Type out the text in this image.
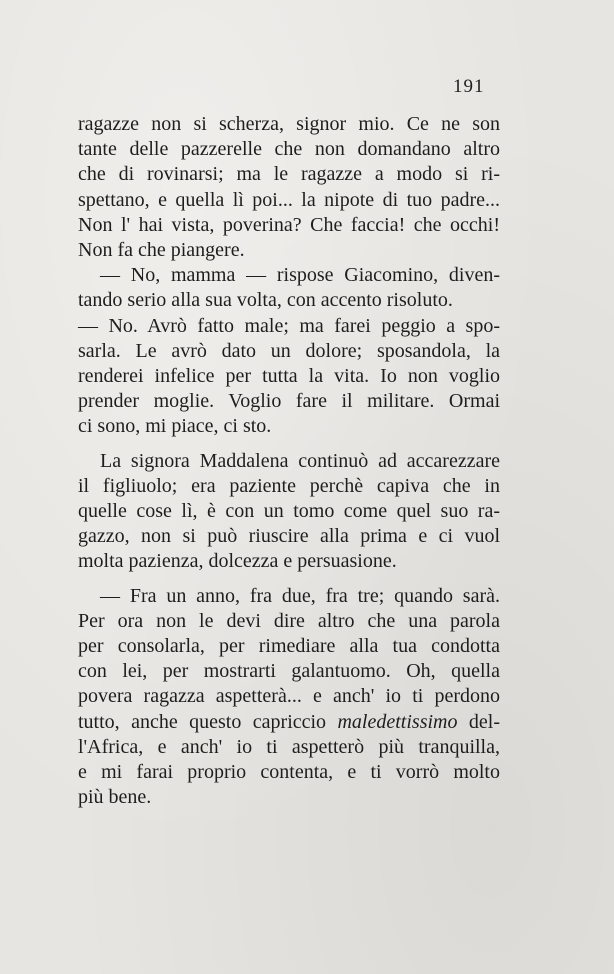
191
ragazze non si scherza, signor mio. Ce ne son
tante delle pazzerelle che non domandano altro
che di rovinarsi; ma le ragazze a modo si ri-
spettano, e quella lì poi... la nipote di tuo padre...
Non l' hai vista, poverina? Che faccia! che occhi!
Non fa che piangere.
— No, mamma — rispose Giacomino, diven-
tando serio alla sua volta, con accento risoluto.
— No. Avrò fatto male; ma farei peggio a spo-
sarla. Le avrò dato un dolore; sposandola, la
renderei infelice per tutta la vita. Io non voglio
prender moglie. Voglio fare il militare. Ormai
ci sono, mi piace, ci sto.
La signora Maddalena continuò ad accarezzare
il figliuolo; era paziente perchè capiva che in
quelle cose lì, è con un tomo come quel suo ra-
gazzo, non si può riuscire alla prima e ci vuol
molta pazienza, dolcezza e persuasione.
— Fra un anno, fra due, fra tre; quando sarà.
Per ora non le devi dire altro che una parola
per consolarla, per rimediare alla tua condotta
con lei, per mostrarti galantuomo. Oh, quella
povera ragazza aspetterà... e anch' io ti perdono
tutto, anche questo capriccio maledettissimo del-
l'Africa, e anch' io ti aspetterò più tranquilla,
e mi farai proprio contenta, e ti vorrò molto
più bene.
